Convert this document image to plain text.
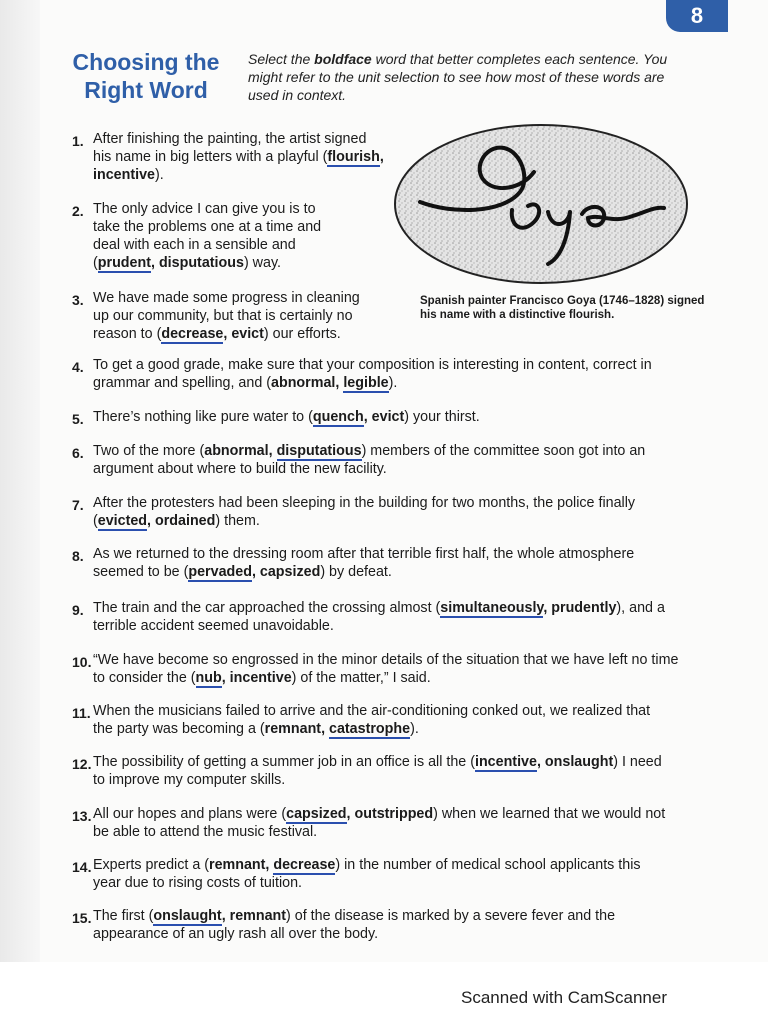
8
Choosing the
Right Word
Select the boldface word that better completes each sentence. You might refer to the unit selection to see how most of these words are used in context.
Spanish painter Francisco Goya (1746–1828) signed his name with a distinctive flourish.
1. After finishing the painting, the artist signed his name in big letters with a playful (flourish, incentive).
2. The only advice I can give you is to take the problems one at a time and deal with each in a sensible and (prudent, disputatious) way.
3. We have made some progress in cleaning up our community, but that is certainly no reason to (decrease, evict) our efforts.
4. To get a good grade, make sure that your composition is interesting in content, correct in grammar and spelling, and (abnormal, legible).
5. There’s nothing like pure water to (quench, evict) your thirst.
6. Two of the more (abnormal, disputatious) members of the committee soon got into an argument about where to build the new facility.
7. After the protesters had been sleeping in the building for two months, the police finally (evicted, ordained) them.
8. As we returned to the dressing room after that terrible first half, the whole atmosphere seemed to be (pervaded, capsized) by defeat.
9. The train and the car approached the crossing almost (simultaneously, prudently), and a terrible accident seemed unavoidable.
10. “We have become so engrossed in the minor details of the situation that we have left no time to consider the (nub, incentive) of the matter,” I said.
11. When the musicians failed to arrive and the air-conditioning conked out, we realized that the party was becoming a (remnant, catastrophe).
12. The possibility of getting a summer job in an office is all the (incentive, onslaught) I need to improve my computer skills.
13. All our hopes and plans were (capsized, outstripped) when we learned that we would not be able to attend the music festival.
14. Experts predict a (remnant, decrease) in the number of medical school applicants this year due to rising costs of tuition.
15. The first (onslaught, remnant) of the disease is marked by a severe fever and the appearance of an ugly rash all over the body.
Scanned with CamScanner
